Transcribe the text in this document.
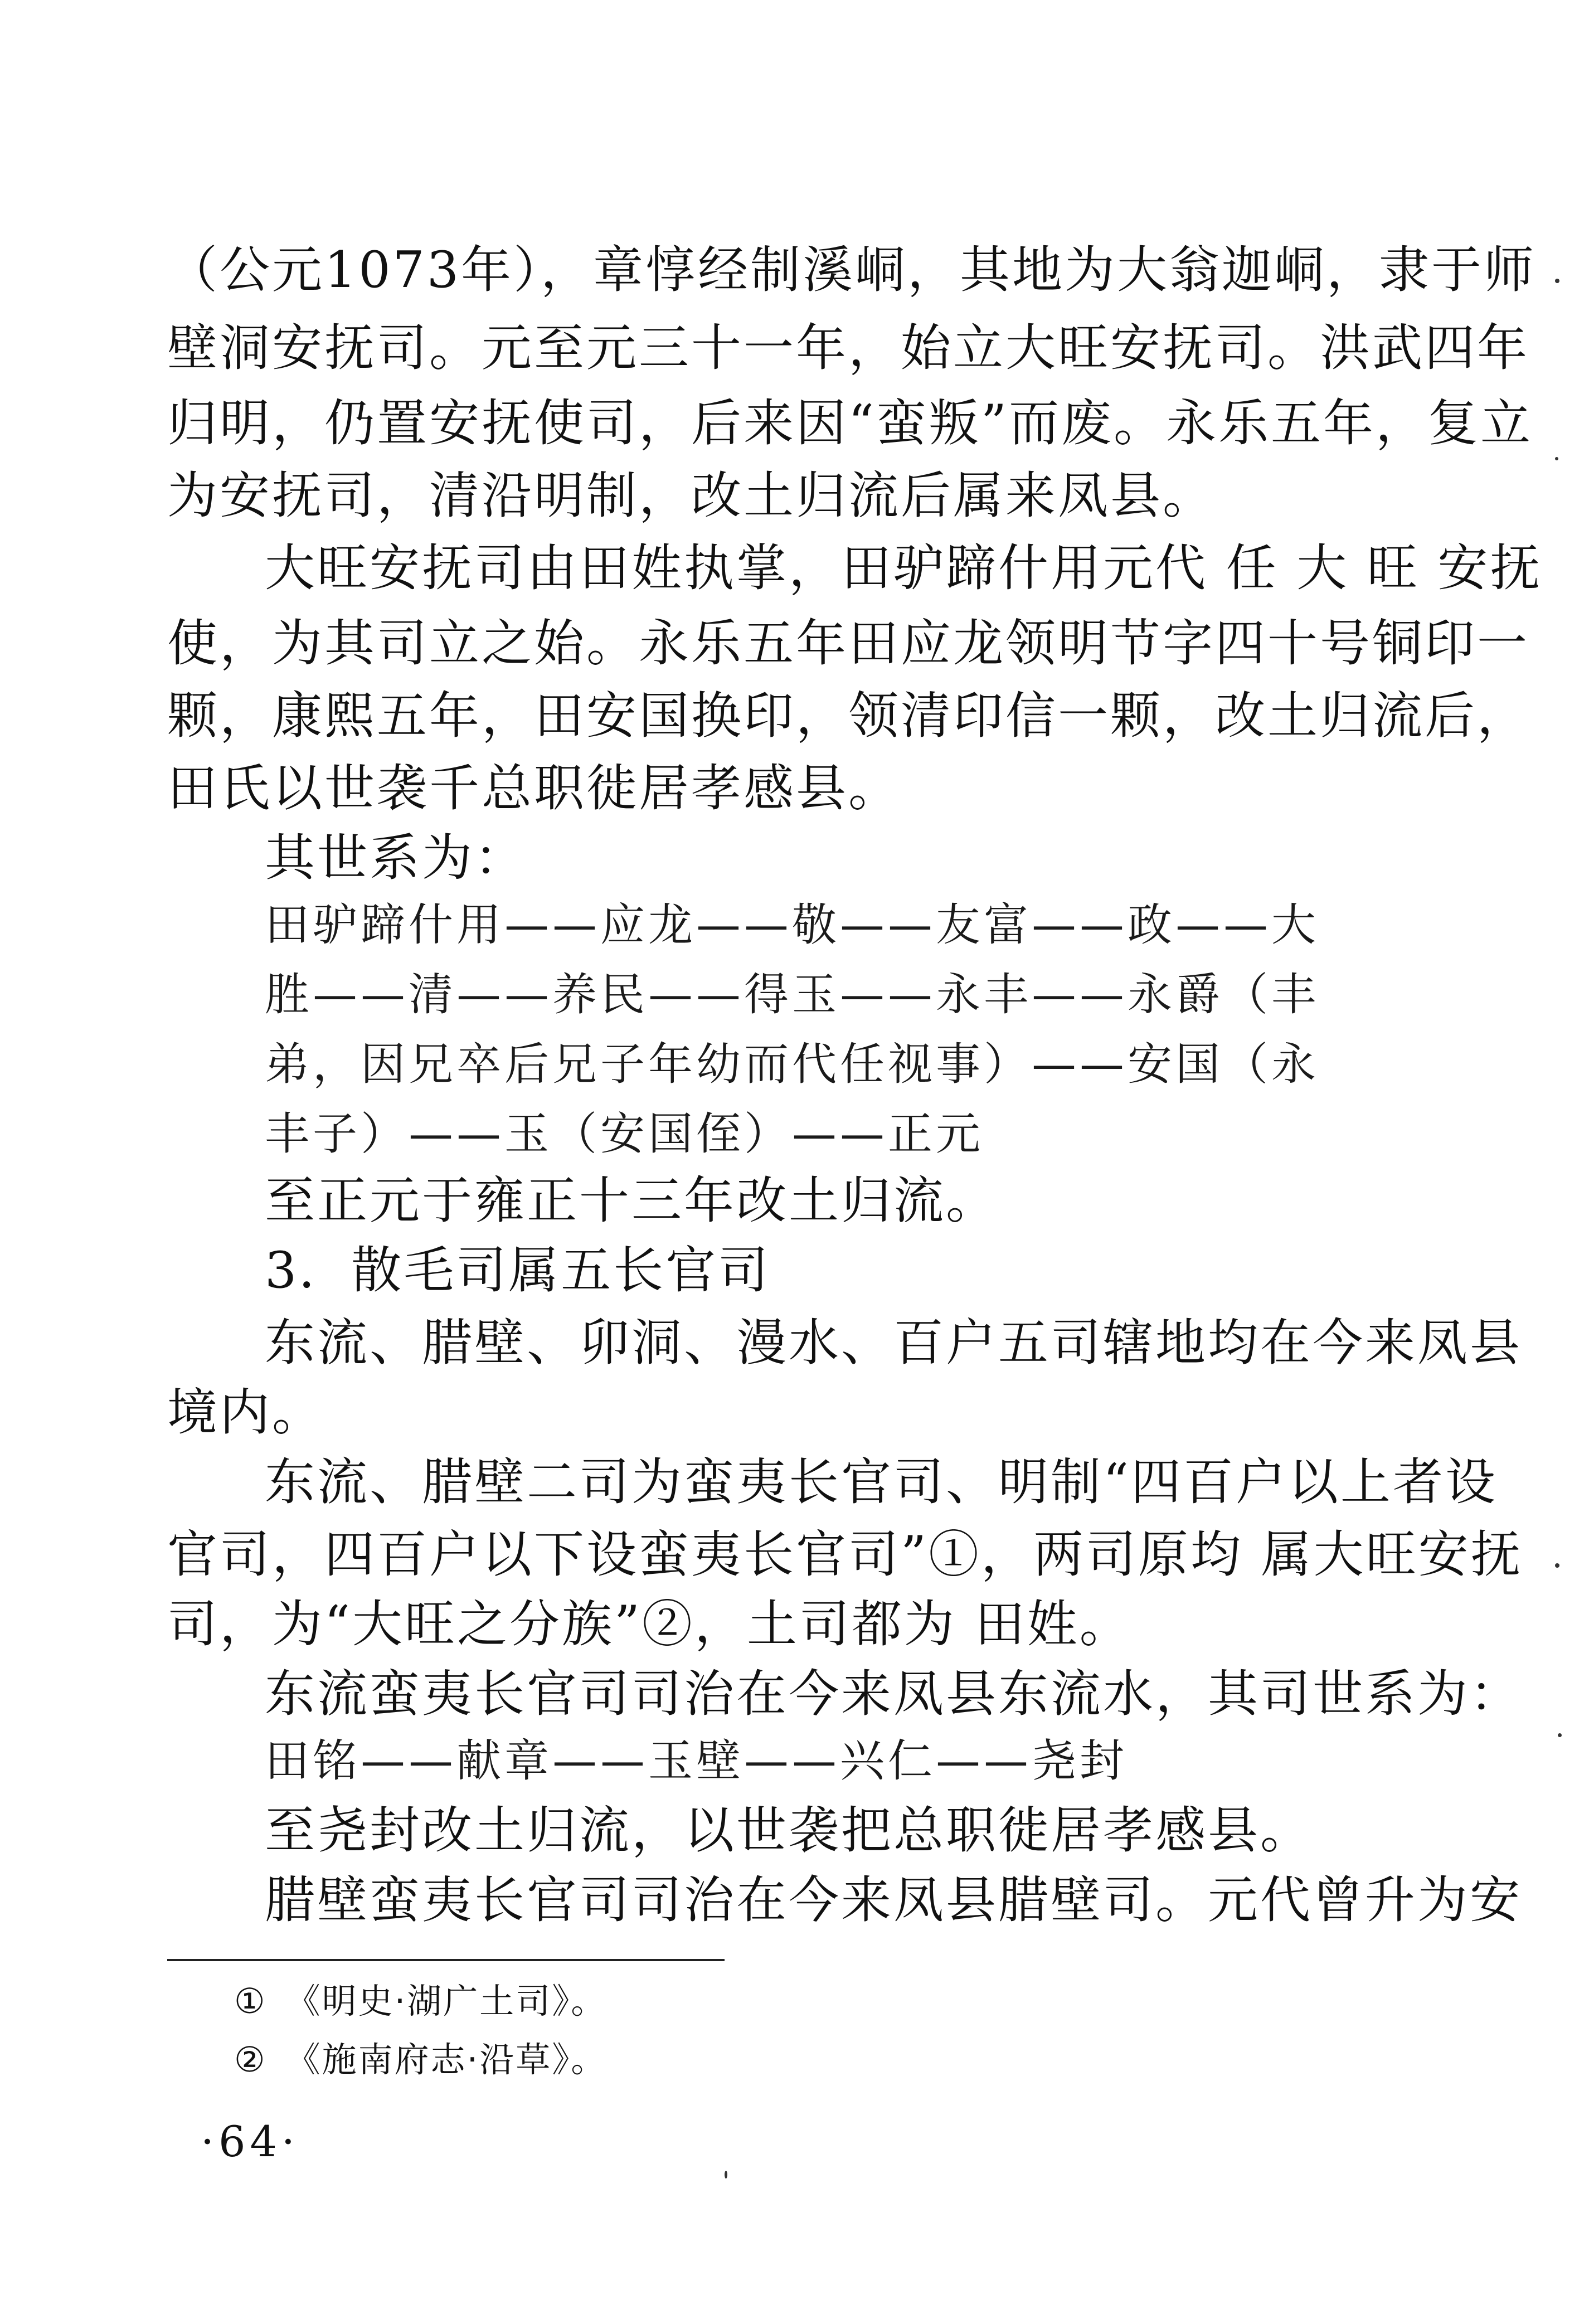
（公元1073年），章惇经制溪峒，其地为大翁迦峒，隶于师
壁洞安抚司。元至元三十一年，始立大旺安抚司。洪武四年
归明，仍置安抚使司，后来因“蛮叛”而废。永乐五年，复立
为安抚司，清沿明制，改土归流后属来凤县。
大旺安抚司由田姓执掌，田驴蹄什用元代 任 大 旺 安抚
使，为其司立之始。永乐五年田应龙领明节字四十号铜印一
颗，康熙五年，田安国换印，领清印信一颗，改土归流后，
田氏以世袭千总职徙居孝感县。
其世系为：
田驴蹄什用——应龙——敬——友富——政——大
胜——清——养民——得玉——永丰——永爵（丰
弟，因兄卒后兄子年幼而代任视事）——安国（永
丰子）——玉（安国侄）——正元
至正元于雍正十三年改土归流。
3．散毛司属五长官司
东流、腊壁、卯洞、漫水、百户五司辖地均在今来凤县
境内。
东流、腊壁二司为蛮夷长官司、明制“四百户以上者设
官司，四百户以下设蛮夷长官司”①，两司原均 属大旺安抚
司，为“大旺之分族”②，土司都为 田姓。
东流蛮夷长官司司治在今来凤县东流水，其司世系为：
田铭——献章——玉壁——兴仁——尧封
至尧封改土归流，以世袭把总职徙居孝感县。
腊壁蛮夷长官司司治在今来凤县腊壁司。元代曾升为安
①　《明史·湖广土司》。
②　《施南府志·沿草》。
·64·
